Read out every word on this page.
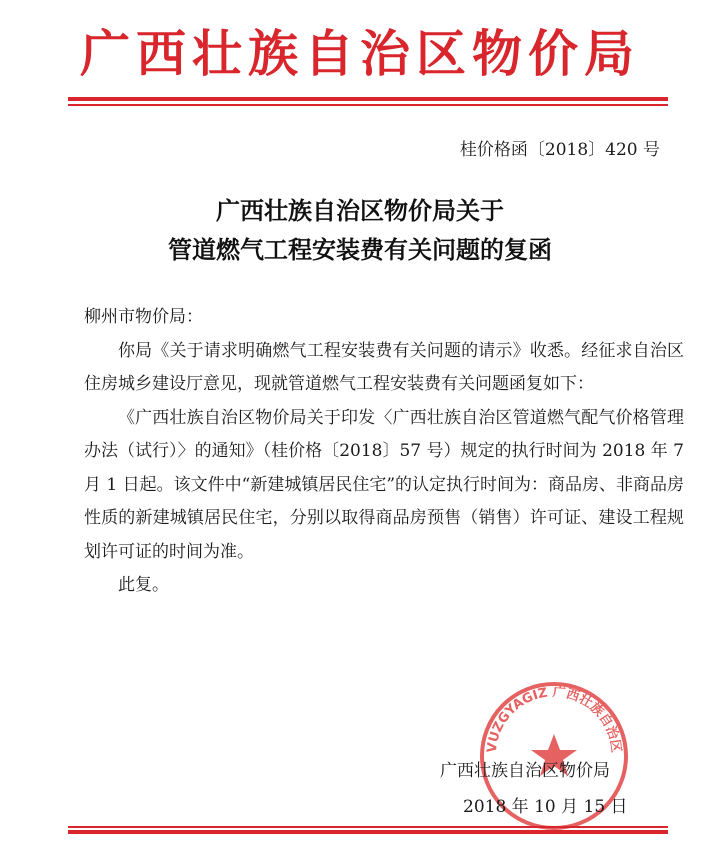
广西壮族自治区物价局
桂价格函〔2018〕420 号
广西壮族自治区物价局关于
管道燃气工程安装费有关问题的复函

柳州市物价局：

你局《关于请求明确燃气工程安装费有关问题的请示》收悉。经征求自治区住房城乡建设厅意见，现就管道燃气工程安装费有关问题函复如下：

《广西壮族自治区物价局关于印发〈广西壮族自治区管道燃气配气价格管理办法（试行）〉的通知》（桂价格〔2018〕57 号）规定的执行时间为 2018 年 7 月 1 日起。该文件中“新建城镇居民住宅”的认定执行时间为：商品房、非商品房性质的新建城镇居民住宅，分别以取得商品房预售（销售）许可证、建设工程规划许可证的时间为准。

此复。

VUZGYAGIZ 广西壮族自治区
广西壮族自治区物价局
2018 年 10 月 15 日
